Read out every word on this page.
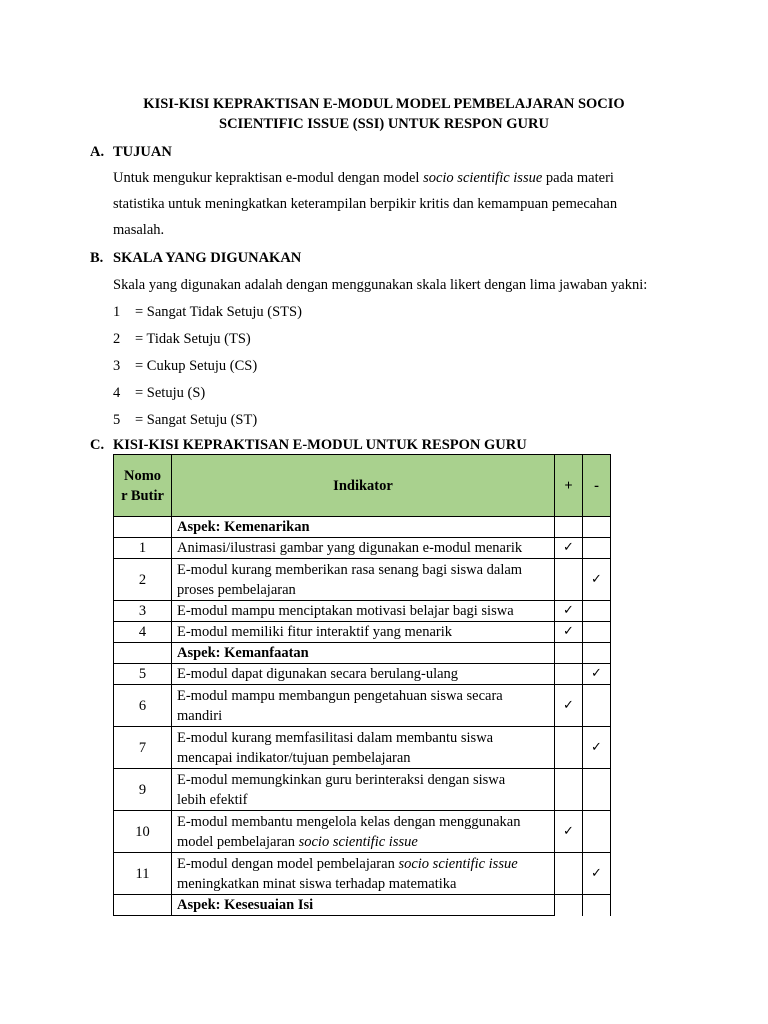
KISI-KISI KEPRAKTISAN E-MODUL MODEL PEMBELAJARAN SOCIO
SCIENTIFIC ISSUE (SSI) UNTUK RESPON GURU
A. TUJUAN
Untuk mengukur kepraktisan e-modul dengan model socio scientific issue pada materi
statistika untuk meningkatkan keterampilan berpikir kritis dan kemampuan pemecahan
masalah.
B. SKALA YANG DIGUNAKAN
Skala yang digunakan adalah dengan menggunakan skala likert dengan lima jawaban yakni:
1 = Sangat Tidak Setuju (STS)
2 = Tidak Setuju (TS)
3 = Cukup Setuju (CS)
4 = Setuju (S)
5 = Sangat Setuju (ST)
C. KISI-KISI KEPRAKTISAN E-MODUL UNTUK RESPON GURU
Nomo
r Butir	Indikator	+	-
	Aspek: Kemenarikan		
1	Animasi/ilustrasi gambar yang digunakan e-modul menarik	✓	
2	E-modul kurang memberikan rasa senang bagi siswa dalam
proses pembelajaran		✓
3	E-modul mampu menciptakan motivasi belajar bagi siswa	✓	
4	E-modul memiliki fitur interaktif yang menarik	✓	
	Aspek: Kemanfaatan		
5	E-modul dapat digunakan secara berulang-ulang		✓
6	E-modul mampu membangun pengetahuan siswa secara
mandiri	✓	
7	E-modul kurang memfasilitasi dalam membantu siswa
mencapai indikator/tujuan pembelajaran		✓
9	E-modul memungkinkan guru berinteraksi dengan siswa
lebih efektif		

10	E-modul membantu mengelola kelas dengan menggunakan
model pembelajaran socio scientific issue	✓	
11	E-modul dengan model pembelajaran socio scientific issue
meningkatkan minat siswa terhadap matematika		✓
	Aspek: Kesesuaian Isi		
